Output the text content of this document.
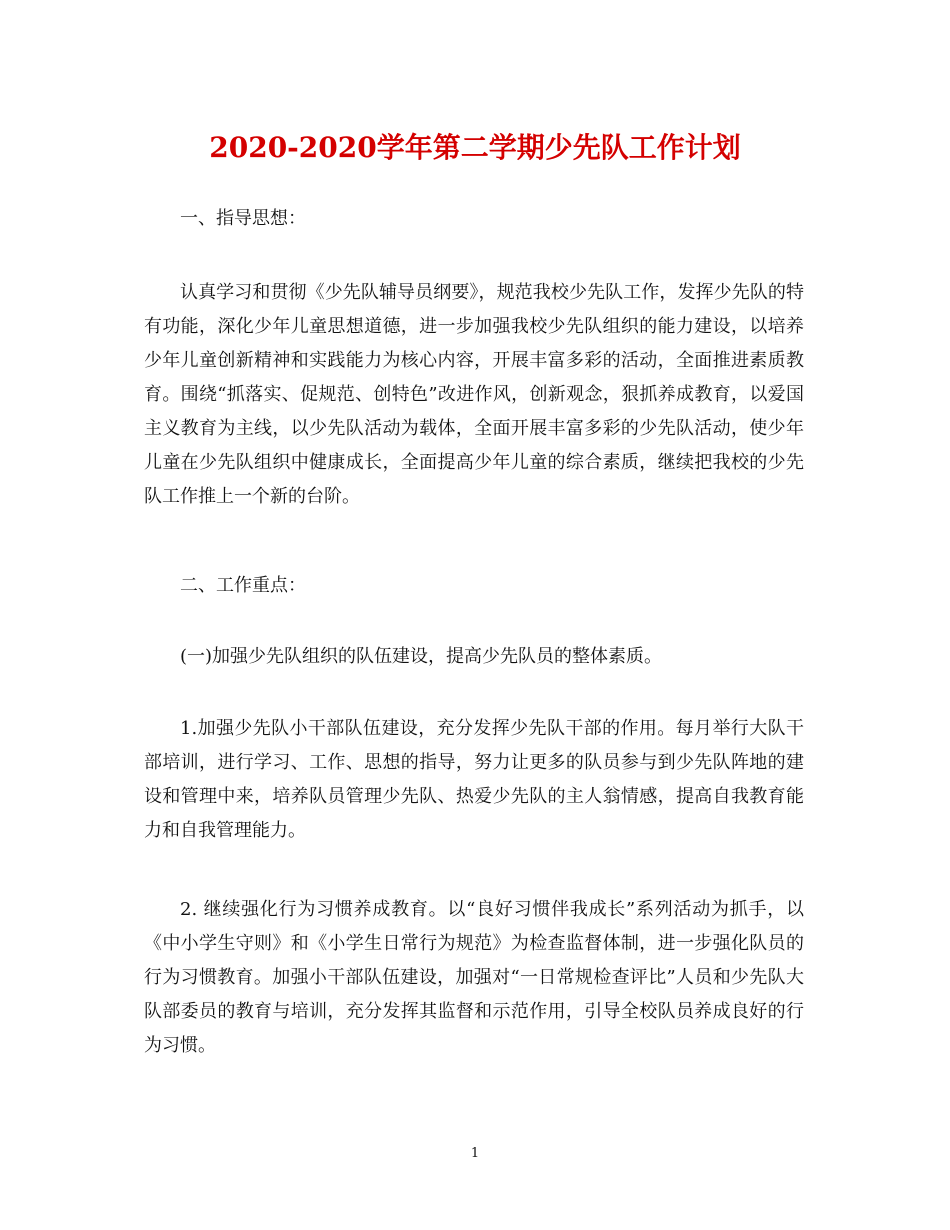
2020-2020学年第二学期少先队工作计划
一、指导思想：
认真学习和贯彻《少先队辅导员纲要》，规范我校少先队工作，发挥少先队的特有功能，深化少年儿童思想道德，进一步加强我校少先队组织的能力建设，以培养少年儿童创新精神和实践能力为核心内容，开展丰富多彩的活动，全面推进素质教育。围绕“抓落实、促规范、创特色”改进作风，创新观念，狠抓养成教育，以爱国主义教育为主线，以少先队活动为载体，全面开展丰富多彩的少先队活动，使少年儿童在少先队组织中健康成长，全面提高少年儿童的综合素质，继续把我校的少先队工作推上一个新的台阶。
二、工作重点：
(一)加强少先队组织的队伍建设，提高少先队员的整体素质。
1.加强少先队小干部队伍建设，充分发挥少先队干部的作用。每月举行大队干部培训，进行学习、工作、思想的指导，努力让更多的队员参与到少先队阵地的建设和管理中来，培养队员管理少先队、热爱少先队的主人翁情感，提高自我教育能力和自我管理能力。
2. 继续强化行为习惯养成教育。以“良好习惯伴我成长”系列活动为抓手，以《中小学生守则》和《小学生日常行为规范》为检查监督体制，进一步强化队员的行为习惯教育。加强小干部队伍建设，加强对“一日常规检查评比”人员和少先队大队部委员的教育与培训，充分发挥其监督和示范作用，引导全校队员养成良好的行为习惯。
1
